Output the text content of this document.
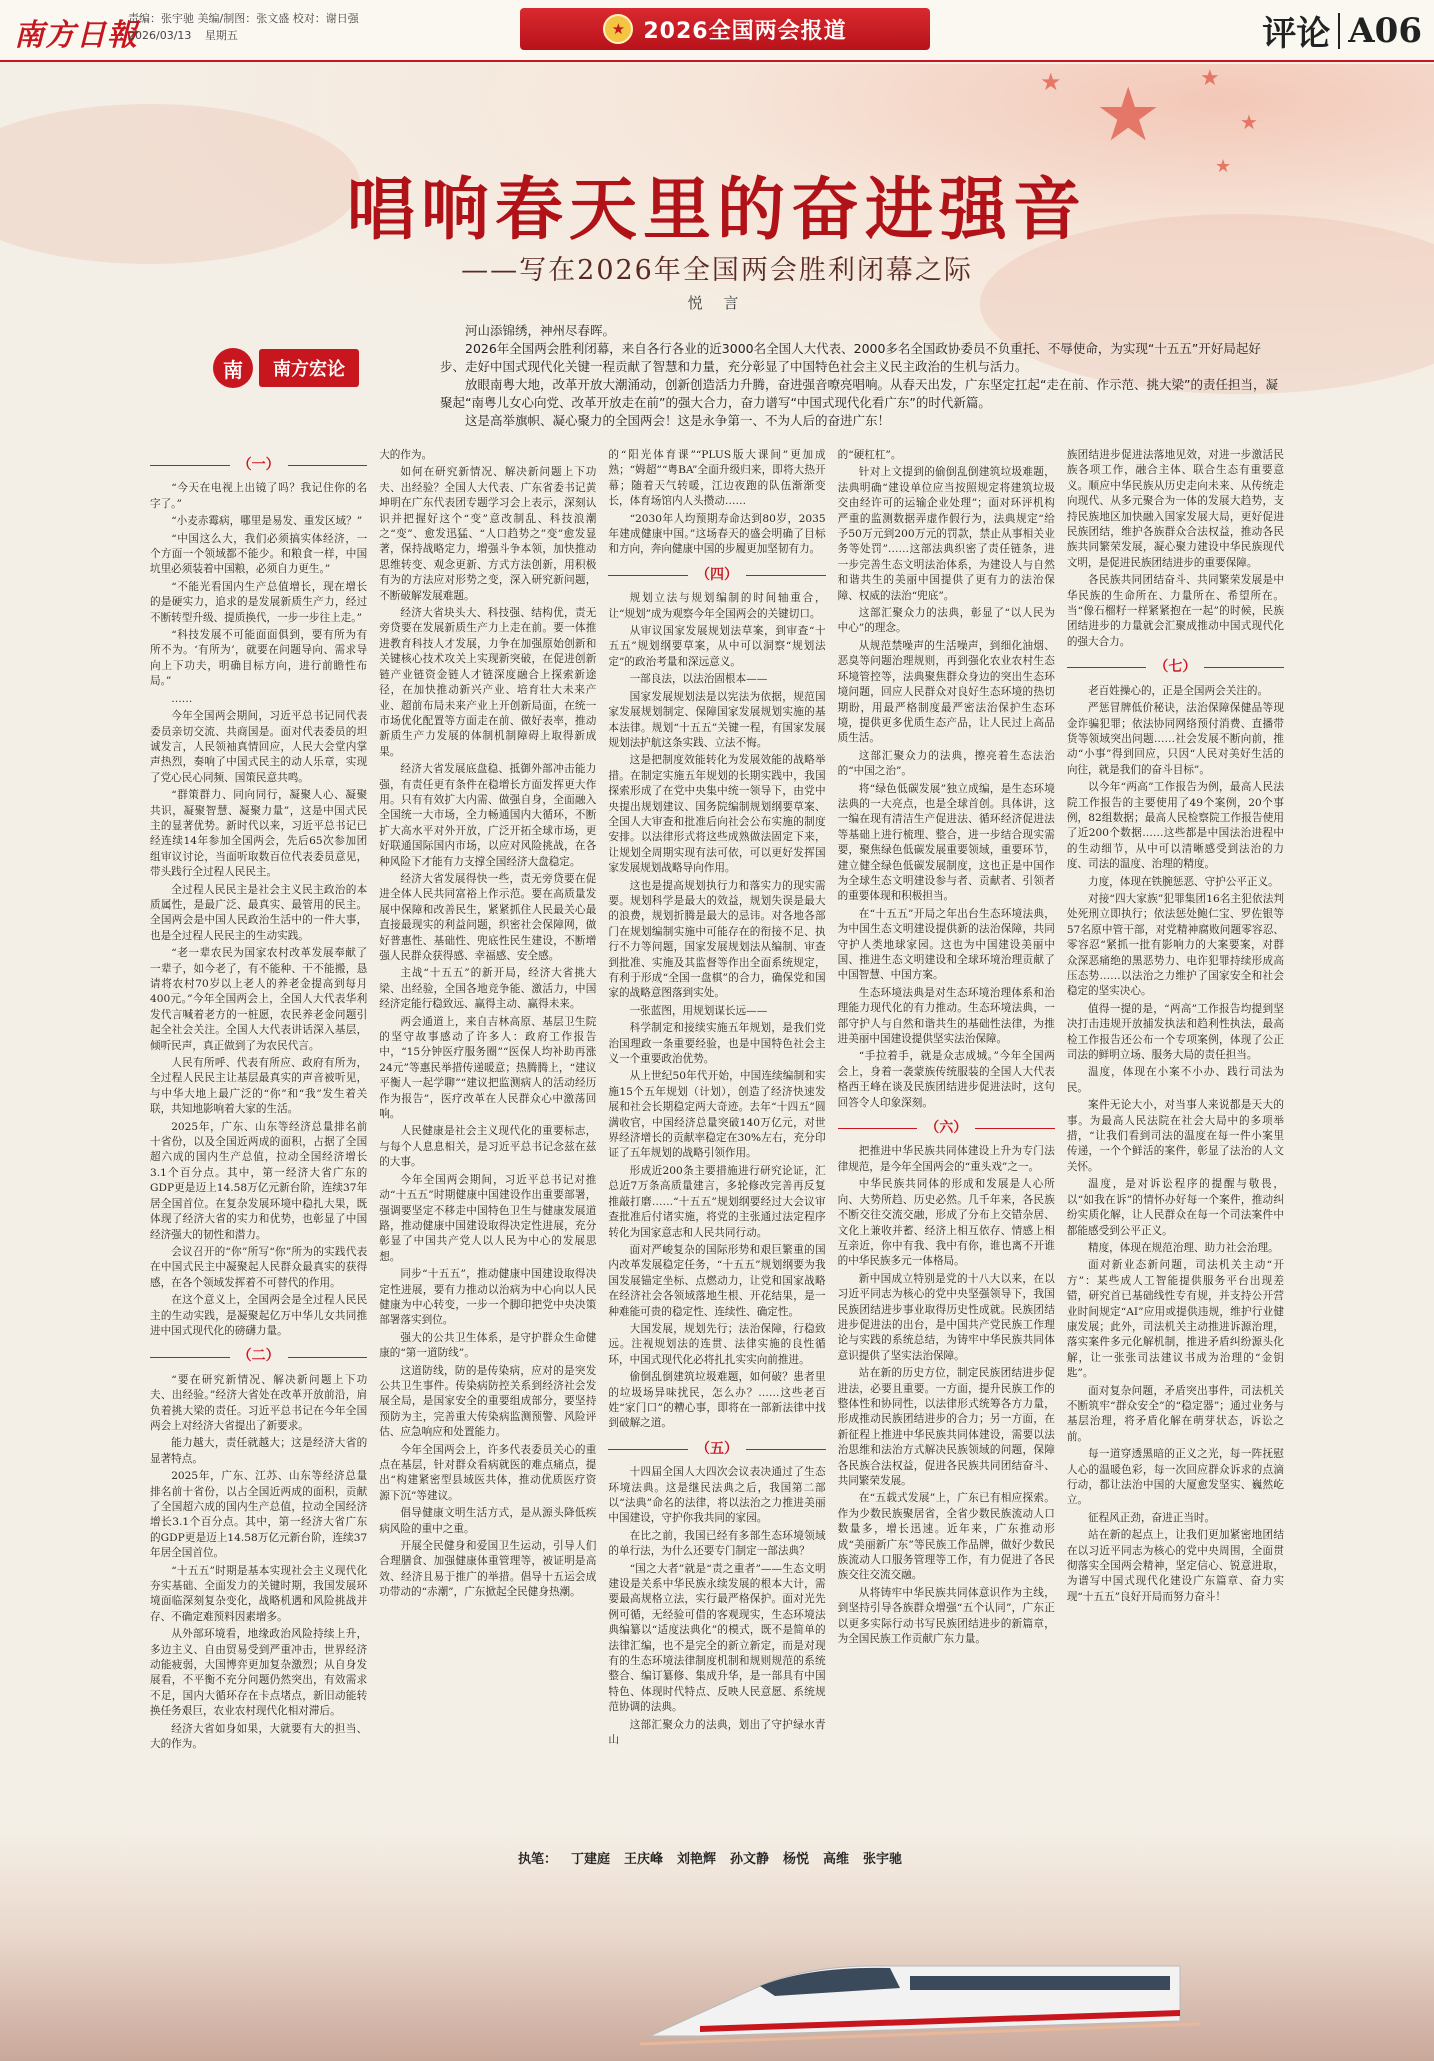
南方日報
责编：张宇驰 美编/制图：张文盛 校对：谢日强
2026/03/13 星期五	★ 2026全国两会报道	评论 A06
★
★	★
★
★
唱响春天里的奋进强音
——写在2026年全国两会胜利闭幕之际
悦 言
南	南方宏论

河山添锦绣，神州尽春晖。

2026年全国两会胜利闭幕，来自各行各业的近3000名全国人大代表、2000多名全国政协委员不负重托、不辱使命，为实现“十五五”开好局起好步、走好中国式现代化关键一程贡献了智慧和力量，充分彰显了中国特色社会主义民主政治的生机与活力。

放眼南粤大地，改革开放大潮涌动，创新创造活力升腾，奋进强音嘹亮唱响。从春天出发，广东坚定扛起“走在前、作示范、挑大梁”的责任担当，凝聚起“南粤儿女心向党、改革开放走在前”的强大合力，奋力谱写“中国式现代化看广东”的时代新篇。

这是高举旗帜、凝心聚力的全国两会！这是永争第一、不为人后的奋进广东！

（一）

“今天在电视上出镜了吗？我记住你的名字了。”

“小麦赤霉病，哪里是易发、重发区域？”

“中国这么大，我们必须搞实体经济，一个方面一个领域都不能少。和粮食一样，中国坑里必须装着中国粮，必须自力更生。”

“不能光看国内生产总值增长，现在增长的是硬实力，追求的是发展新质生产力，经过不断转型升级、提质换代，一步一步往上走。”

“科技发展不可能面面俱到，要有所为有所不为。‘有所为’，就要在问题导向、需求导向上下功夫，明确目标方向，进行前瞻性布局。”

……

今年全国两会期间，习近平总书记同代表委员亲切交流、共商国是。面对代表委员的坦诚发言，人民领袖真情回应，人民大会堂内掌声热烈，奏响了中国式民主的动人乐章，实现了党心民心同频、国策民意共鸣。

“群策群力、同向同行，凝聚人心、凝聚共识，凝聚智慧、凝聚力量”，这是中国式民主的显著优势。新时代以来，习近平总书记已经连续14年参加全国两会，先后65次参加团组审议讨论，当面听取数百位代表委员意见，带头践行全过程人民民主。

全过程人民民主是社会主义民主政治的本质属性，是最广泛、最真实、最管用的民主。全国两会是中国人民政治生活中的一件大事，也是全过程人民民主的生动实践。

“老一辈农民为国家农村改革发展奉献了一辈子，如今老了，有不能种、干不能搬，恳请将农村70岁以上老人的养老金提高到每月400元。”今年全国两会上，全国人大代表华利发代言喊着老方的一桩愿，农民养老金问题引起全社会关注。全国人大代表讲话深入基层，倾听民声，真正做到了为农民代言。

人民有所呼、代表有所应、政府有所为，全过程人民民主让基层最真实的声音被听见，与中华大地上最广泛的“你”和“我”发生着关联，共知地影响着大家的生活。

2025年，广东、山东等经济总量排名前十省份，以及全国近两成的面积，占据了全国超六成的国内生产总值，拉动全国经济增长3.1个百分点。其中，第一经济大省广东的GDP更是迈上14.58万亿元新台阶，连续37年居全国首位。在复杂发展环境中稳扎大果，既体现了经济大省的实力和优势，也彰显了中国经济强大的韧性和潜力。

会议召开的“你”所写“你”所为的实践代表在中国式民主中凝聚起人民群众最真实的获得感，在各个领域发挥着不可替代的作用。

在这个意义上，全国两会是全过程人民民主的生动实践，是凝聚起亿万中华儿女共同推进中国式现代化的磅礴力量。

（二）

“要在研究新情况、解决新问题上下功夫、出经验。”经济大省处在改革开放前沿，肩负着挑大梁的责任。习近平总书记在今年全国两会上对经济大省提出了新要求。

能力越大，责任就越大；这是经济大省的显著特点。

2025年，广东、江苏、山东等经济总量排名前十省份，以占全国近两成的面积，贡献了全国超六成的国内生产总值，拉动全国经济增长3.1个百分点。其中，第一经济大省广东的GDP更是迈上14.58万亿元新台阶，连续37年居全国首位。

“十五五”时期是基本实现社会主义现代化夯实基础、全面发力的关键时期，我国发展环境面临深刻复杂变化，战略机遇和风险挑战并存、不确定难预料因素增多。

从外部环境看，地缘政治风险持续上升，多边主义、自由贸易受到严重冲击，世界经济动能疲弱，大国博弈更加复杂激烈；从自身发展看，不平衡不充分问题仍然突出，有效需求不足，国内大循环存在卡点堵点，新旧动能转换任务艰巨，农业农村现代化相对滞后。

经济大省如身如果，大就要有大的担当、大的作为。

大的作为。

如何在研究新情况、解决新问题上下功夫、出经验？全国人大代表、广东省委书记黄坤明在广东代表团专题学习会上表示，深刻认识并把握好这个“变”意改制乱、科技浪潮之“变”、愈发迅猛、“人口趋势之”变”愈发显著，保持战略定力，增强斗争本领，加快推动思维转变、观念更新、方式方法创新，用积极有为的方法应对形势之变，深入研究新问题，不断破解发展难题。

经济大省块头大、科技强、结构优，责无旁贷要在发展新质生产力上走在前。要一体推进教育科技人才发展，力争在加强原始创新和关键核心技术攻关上实现新突破，在促进创新链产业链资金链人才链深度融合上探索新途径，在加快推动新兴产业、培育壮大未来产业、超前布局未来产业上开创新局面，在统一市场优化配置等方面走在前、做好表率，推动新质生产力发展的体制机制障碍上取得新成果。

经济大省发展底盘稳、抵御外部冲击能力强，有责任更有条件在稳增长方面发挥更大作用。只有有效扩大内需、做强自身，全面融入全国统一大市场，全力畅通国内大循环，不断扩大高水平对外开放，广泛开拓全球市场，更好联通国际国内市场，以应对风险挑战，在各种风险下才能有力支撑全国经济大盘稳定。

经济大省发展得快一些，责无旁贷要在促进全体人民共同富裕上作示范。要在高质量发展中保障和改善民生，紧紧抓住人民最关心最直接最现实的利益问题，织密社会保障网，做好普惠性、基础性、兜底性民生建设，不断增强人民群众获得感、幸福感、安全感。

主战“十五五”的新开局，经济大省挑大梁、出经验，全国各地竞争能、激活力，中国经济定能行稳致远、赢得主动、赢得未来。

两会通道上，来自吉林高原、基层卫生院的坚守故事感动了许多人：政府工作报告中，“15分钟医疗服务圈”“医保人均补助再涨24元”等惠民举措传递暖意；热腾腾上，“建议平衡人一起学聊”“建议把监测病人的活动经历作为报告”，医疗改革在人民群众心中激荡回响。

人民健康是社会主义现代化的重要标志，与每个人息息相关，是习近平总书记念兹在兹的大事。

今年全国两会期间，习近平总书记对推动“十五五”时期健康中国建设作出重要部署，强调要坚定不移走中国特色卫生与健康发展道路，推动健康中国建设取得决定性进展，充分彰显了中国共产党人以人民为中心的发展思想。

同步“十五五”，推动健康中国建设取得决定性进展，要有力推动以治病为中心向以人民健康为中心转变，一步一个脚印把党中央决策部署落实到位。

强大的公共卫生体系，是守护群众生命健康的“第一道防线”。

这道防线，防的是传染病，应对的是突发公共卫生事件。传染病防控关系到经济社会发展全局，是国家安全的重要组成部分，要坚持预防为主，完善重大传染病监测预警、风险评估、应急响应和处置能力。

今年全国两会上，许多代表委员关心的重点在基层，针对群众看病就医的难点痛点，提出“构建紧密型县域医共体，推动优质医疗资源下沉”等建议。

倡导健康文明生活方式，是从源头降低疾病风险的重中之重。

开展全民健身和爱国卫生运动，引导人们合理膳食、加强健康体重管理等，被证明是高效、经济且易于推广的举措。倡导十五运会成功带动的“赤潮”，广东掀起全民健身热潮。

的“阳光体育课”“PLUS版大课间”更加成熟；“姆超”“粤BA”全面升级归来，即将大热开幕；随着天气转暖，江边夜跑的队伍渐渐变长，体育场馆内人头攒动……

“2030年人均预期寿命达到80岁，2035年建成健康中国。”这场春天的盛会明确了目标和方向，奔向健康中国的步履更加坚韧有力。

（四）

规划立法与规划编制的时间轴重合，让“规划”成为观察今年全国两会的关键切口。

从审议国家发展规划法草案，到审查“十五五”规划纲要草案，从中可以洞察“规划法定”的政治考量和深远意义。

一部良法，以法治固根本——

国家发展规划法是以宪法为依据，规范国家发展规划制定、保障国家发展规划实施的基本法律。规划“十五五”关键一程，有国家发展规划法护航这条实践、立法不悔。

这是把制度效能转化为发展效能的战略举措。在制定实施五年规划的长期实践中，我国探索形成了在党中央集中统一领导下，由党中央提出规划建议、国务院编制规划纲要草案、全国人大审查和批准后向社会公布实施的制度安排。以法律形式将这些成熟做法固定下来，让规划全周期实现有法可依，可以更好发挥国家发展规划战略导向作用。

这也是提高规划执行力和落实力的现实需要。规划科学是最大的效益，规划失误是最大的浪费，规划折腾是最大的忌讳。对各地各部门在规划编制实施中可能存在的衔接不足、执行不力等问题，国家发展规划法从编制、审查到批准、实施及其监督等作出全面系统规定，有利于形成“全国一盘棋”的合力，确保党和国家的战略意图落到实处。

一张蓝图，用规划谋长远——

科学制定和接续实施五年规划，是我们党治国理政一条重要经验，也是中国特色社会主义一个重要政治优势。

从上世纪50年代开始，中国连续编制和实施15个五年规划（计划），创造了经济快速发展和社会长期稳定两大奇迹。去年“十四五”圆满收官，中国经济总量突破140万亿元，对世界经济增长的贡献率稳定在30%左右，充分印证了五年规划的战略引领作用。

形成近200条主要措施进行研究论证，汇总近7万条高质量建言，多轮修改完善再反复推敲打磨……“十五五”规划纲要经过大会议审查批准后付诸实施，将党的主张通过法定程序转化为国家意志和人民共同行动。

面对严峻复杂的国际形势和艰巨繁重的国内改革发展稳定任务，“十五五”规划纲要为我国发展锚定坐标、点燃动力，让党和国家战略在经济社会各领域落地生根、开花结果，是一种难能可贵的稳定性、连续性、确定性。

大国发展，规划先行；法治保障，行稳致远。注视规划法的连贯、法律实施的良性循环，中国式现代化必将扎扎实实向前推进。

偷倒乱倒建筑垃圾难题，如何破？患者里的垃圾场异味扰民，怎么办？……这些老百姓“家门口”的糟心事，即将在一部新法律中找到破解之道。

（五）

十四届全国人大四次会议表决通过了生态环境法典。这是继民法典之后，我国第二部以“法典”命名的法律，将以法治之力推进美丽中国建设，守护你我共同的家园。

在比之前，我国已经有多部生态环境领域的单行法，为什么还要专门制定一部法典？

“国之大者”就是“责之重者”——生态文明建设是关系中华民族永续发展的根本大计，需要最高规格立法，实行最严格保护。面对光先例可循，无经验可借的客观现实，生态环境法典编纂以“适度法典化”的模式，既不是简单的法律汇编，也不是完全的新立新定，而是对现有的生态环境法律制度机制和规则规范的系统整合、编订纂修、集成升华，是一部具有中国特色、体现时代特点、反映人民意愿、系统规范协调的法典。

这部汇聚众力的法典，划出了守护绿水青山

的“硬杠杠”。

针对上文提到的偷倒乱倒建筑垃圾难题，法典明确“建设单位应当按照规定将建筑垃圾交由经许可的运输企业处理”；面对环评机构严重的监测数据弄虚作假行为，法典规定“给予50万元到200万元的罚款，禁止从事相关业务等处罚”……这部法典织密了责任链条，进一步完善生态文明法治体系，为建设人与自然和谐共生的美丽中国提供了更有力的法治保障、权威的法治“兜底”。

这部汇聚众力的法典，彰显了“以人民为中心”的理念。

从规范禁噪声的生活噪声，到细化油烟、恶臭等问题治理规则，再到强化农业农村生态环境管控等，法典聚焦群众身边的突出生态环境问题，回应人民群众对良好生态环境的热切期盼，用最严格制度最严密法治保护生态环境，提供更多优质生态产品，让人民过上高品质生活。

这部汇聚众力的法典，擦亮着生态法治的“中国之治”。

将“绿色低碳发展”独立成编，是生态环境法典的一大亮点，也是全球首创。具体讲，这一编在现有清洁生产促进法、循环经济促进法等基础上进行梳理、整合，进一步结合现实需要，聚焦绿色低碳发展重要领域，重要环节，建立健全绿色低碳发展制度，这也正是中国作为全球生态文明建设参与者、贡献者、引领者的重要体现和积极担当。

在“十五五”开局之年出台生态环境法典，为中国生态文明建设提供新的法治保障，共同守护人类地球家园。这也为中国建设美丽中国、推进生态文明建设和全球环境治理贡献了中国智慧、中国方案。

生态环境法典是对生态环境治理体系和治理能力现代化的有力推动。生态环境法典，一部守护人与自然和谐共生的基础性法律，为推进美丽中国建设提供坚实法治保障。

“手拉着手，就是众志成城。”今年全国两会上，身着一袭蒙族传统服装的全国人大代表格西王峰在谈及民族团结进步促进法时，这句回答令人印象深刻。

（六）

把推进中华民族共同体建设上升为专门法律规范，是今年全国两会的“重头戏”之一。

中华民族共同体的形成和发展是人心所向、大势所趋、历史必然。几千年来，各民族不断交往交流交融，形成了分布上交错杂居、文化上兼收并蓄、经济上相互依存、情感上相互亲近，你中有我、我中有你，谁也离不开谁的中华民族多元一体格局。

新中国成立特别是党的十八大以来，在以习近平同志为核心的党中央坚强领导下，我国民族团结进步事业取得历史性成就。民族团结进步促进法的出台，是中国共产党民族工作理论与实践的系统总结，为铸牢中华民族共同体意识提供了坚实法治保障。

站在新的历史方位，制定民族团结进步促进法，必要且重要。一方面，提升民族工作的整体性和协同性，以法律形式统筹各方力量，形成推动民族团结进步的合力；另一方面，在新征程上推进中华民族共同体建设，需要以法治思维和法治方式解决民族领域的问题，保障各民族合法权益，促进各民族共同团结奋斗、共同繁荣发展。

在“五载式发展”上，广东已有相应探索。作为少数民族聚居省，全省少数民族流动人口数量多，增长迅速。近年来，广东推动形成“美丽新广东”等民族工作品牌，做好少数民族流动人口服务管理等工作，有力促进了各民族交往交流交融。

从将铸牢中华民族共同体意识作为主线，到坚持引导各族群众增强“五个认同”，广东正以更多实际行动书写民族团结进步的新篇章，为全国民族工作贡献广东力量。

族团结进步促进法落地见效，对进一步激活民族各项工作，融合主体、联合生态有重要意义。顺应中华民族从历史走向未来、从传统走向现代、从多元聚合为一体的发展大趋势，支持民族地区加快融入国家发展大局，更好促进民族团结，维护各族群众合法权益，推动各民族共同繁荣发展，凝心聚力建设中华民族现代文明，是促进民族团结进步的重要保障。

各民族共同团结奋斗、共同繁荣发展是中华民族的生命所在、力量所在、希望所在。当“像石榴籽一样紧紧抱在一起”的时候，民族团结进步的力量就会汇聚成推动中国式现代化的强大合力。

（七）

老百姓操心的，正是全国两会关注的。

严惩冒牌低价秘诀，法治保障保健品等现金诈骗犯罪；依法协同网络预付消费、直播带货等领域突出问题……社会发展不断向前，推动“小事”得到回应，只因“人民对美好生活的向往，就是我们的奋斗目标”。

以今年“两高”工作报告为例，最高人民法院工作报告的主要使用了49个案例，20个事例，82组数据；最高人民检察院工作报告使用了近200个数据……这些都是中国法治进程中的生动细节，从中可以清晰感受到法治的力度、司法的温度、治理的精度。

力度，体现在铁腕惩恶、守护公平正义。

对接“四大家族”犯罪集团16名主犯依法判处死刑立即执行；依法惩处鲍仁宝、罗佐银等57名原中管干部，对党精神腐败问题零容忍、零容忍“紧抓一批有影响力的大案要案，对群众深恶痛绝的黑恶势力、电诈犯罪持续形成高压态势……以法治之力维护了国家安全和社会稳定的坚实决心。

值得一提的是，“两高”工作报告均提到坚决打击违规开放捕发执法和趋利性执法，最高检工作报告还公布一个专项案例，体现了公正司法的鲜明立场、服务大局的责任担当。

温度，体现在小案不小办、践行司法为民。

案件无论大小，对当事人来说都是天大的事。为最高人民法院在社会大局中的多项举措，“让我们看到司法的温度在每一件小案里传递，一个个鲜活的案件，彰显了法治的人文关怀。

温度，是对诉讼程序的提醒与敬畏，以“如我在诉”的情怀办好每一个案件，推动纠纷实质化解，让人民群众在每一个司法案件中都能感受到公平正义。

精度，体现在规范治理、助力社会治理。

面对新业态新问题，司法机关主动“开方”：某些成人工智能提供服务平台出现差错，研究首已基础线性专有规，并支持公开营业时间规定“AI”应用或提供违规，维护行业健康发展；此外，司法机关主动推进诉源治理，落实案件多元化解机制，推进矛盾纠纷源头化解，让一张张司法建议书成为治理的“金钥匙”。

面对复杂问题，矛盾突出事件，司法机关不断筑牢“群众安全”的“稳定器”；通过业务与基层治理，将矛盾化解在萌芽状态，诉讼之前。

每一道穿透黑暗的正义之光，每一阵抚慰人心的温暖色彩，每一次回应群众诉求的点滴行动，都让法治中国的大厦愈发坚实、巍然屹立。

征程风正劲，奋进正当时。

站在新的起点上，让我们更加紧密地团结在以习近平同志为核心的党中央周围，全面贯彻落实全国两会精神，坚定信心、锐意进取，为谱写中国式现代化建设广东篇章、奋力实现“十五五”良好开局而努力奋斗！

执笔： 丁建庭 王庆峰 刘艳辉 孙文静 杨悦 高维 张宇驰
